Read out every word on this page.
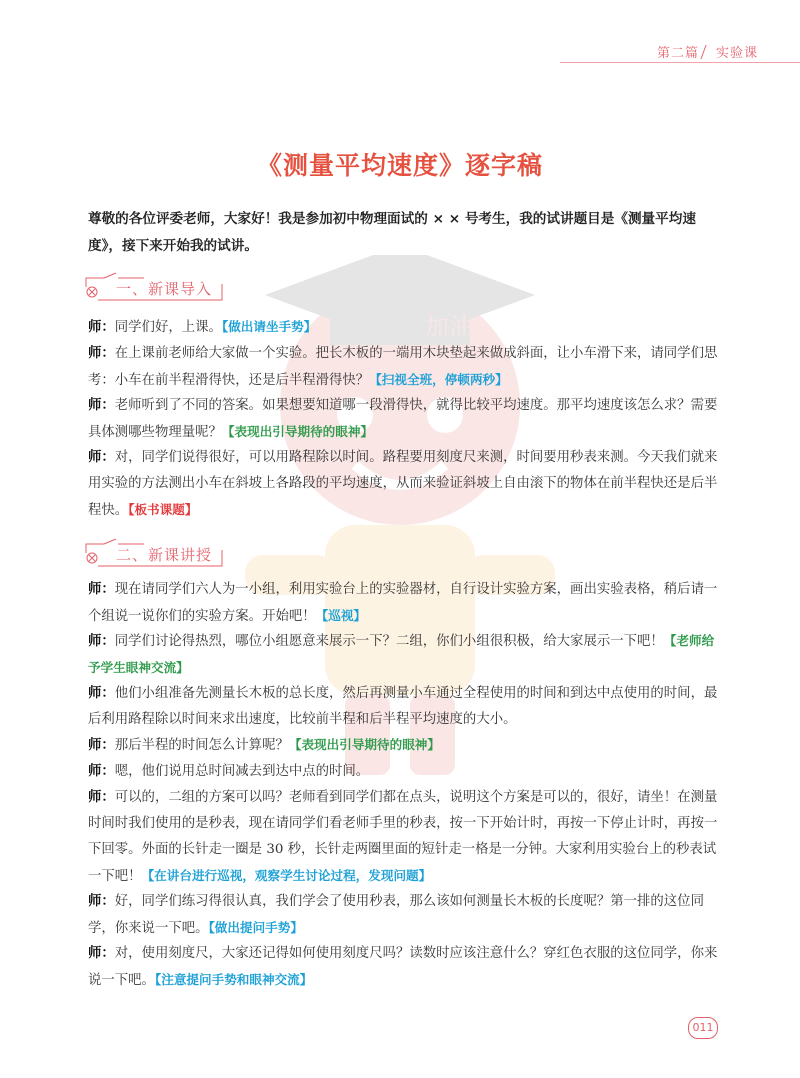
第二篇 实验课
加油！
《测量平均速度》逐字稿
尊敬的各位评委老师，大家好！我是参加初中物理面试的 × × 号考生，我的试讲题目是《测量平均速度》，接下来开始我的试讲。
一、新课导入
二、新课讲授
师：同学们好，上课。【做出请坐手势】
师：在上课前老师给大家做一个实验。把长木板的一端用木块垫起来做成斜面，让小车滑下来，请同学们思考：小车在前半程滑得快，还是后半程滑得快？【扫视全班，停顿两秒】
师：老师听到了不同的答案。如果想要知道哪一段滑得快，就得比较平均速度。那平均速度该怎么求？需要具体测哪些物理量呢？【表现出引导期待的眼神】
师：对，同学们说得很好，可以用路程除以时间。路程要用刻度尺来测，时间要用秒表来测。今天我们就来用实验的方法测出小车在斜坡上各路段的平均速度，从而来验证斜坡上自由滚下的物体在前半程快还是后半程快。【板书课题】
师：现在请同学们六人为一小组，利用实验台上的实验器材，自行设计实验方案，画出实验表格，稍后请一个组说一说你们的实验方案。开始吧！【巡视】
师：同学们讨论得热烈，哪位小组愿意来展示一下？二组，你们小组很积极，给大家展示一下吧！【老师给予学生眼神交流】
师：他们小组准备先测量长木板的总长度，然后再测量小车通过全程使用的时间和到达中点使用的时间，最后利用路程除以时间来求出速度，比较前半程和后半程平均速度的大小。
师：那后半程的时间怎么计算呢？【表现出引导期待的眼神】
师：嗯，他们说用总时间减去到达中点的时间。
师：可以的，二组的方案可以吗？老师看到同学们都在点头，说明这个方案是可以的，很好，请坐！在测量时间时我们使用的是秒表，现在请同学们看老师手里的秒表，按一下开始计时，再按一下停止计时，再按一下回零。外面的长针走一圈是 30 秒，长针走两圈里面的短针走一格是一分钟。大家利用实验台上的秒表试一下吧！【在讲台进行巡视，观察学生讨论过程，发现问题】
师：好，同学们练习得很认真，我们学会了使用秒表，那么该如何测量长木板的长度呢？第一排的这位同学，你来说一下吧。【做出提问手势】
师：对，使用刻度尺，大家还记得如何使用刻度尺吗？读数时应该注意什么？穿红色衣服的这位同学，你来说一下吧。【注意提问手势和眼神交流】
011
